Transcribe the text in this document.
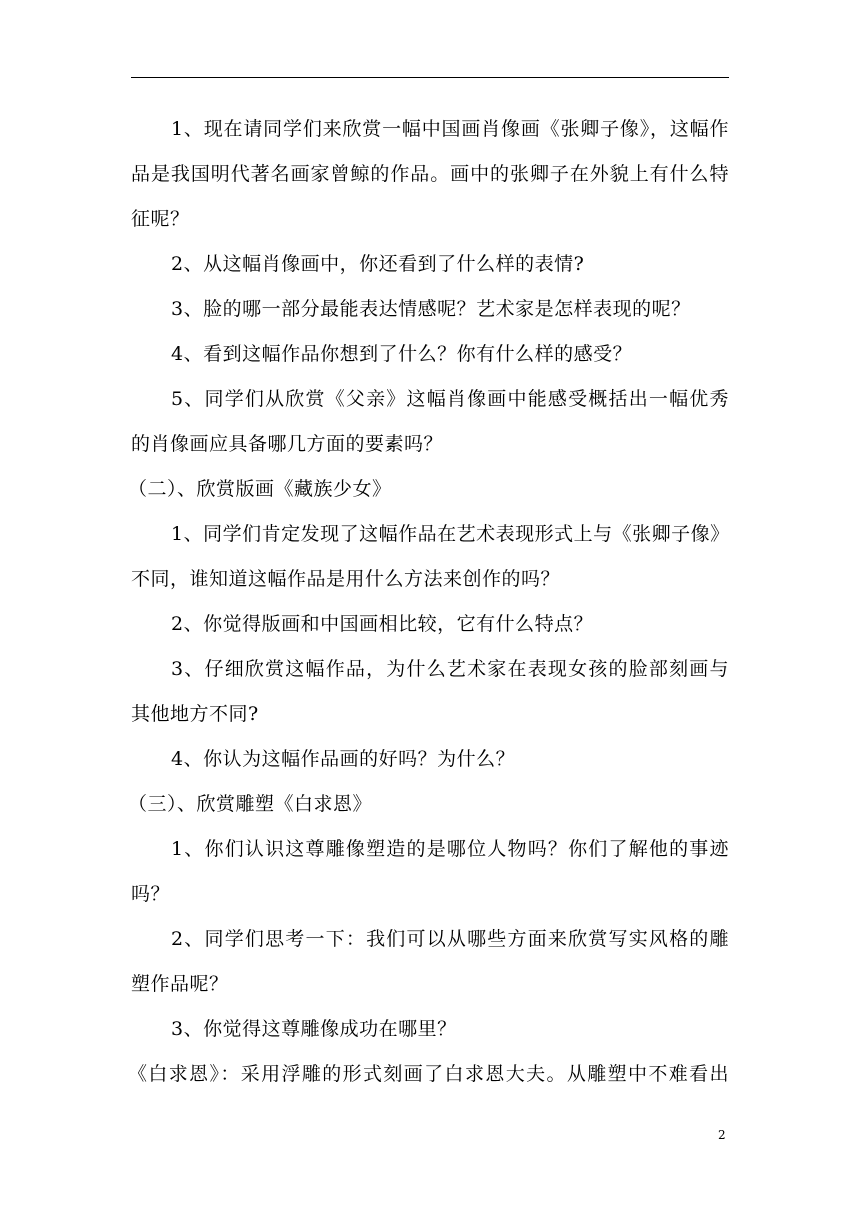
1、现在请同学们来欣赏一幅中国画肖像画《张卿子像》，这幅作
品是我国明代著名画家曾鲸的作品。画中的张卿子在外貌上有什么特
征呢？
2、从这幅肖像画中，你还看到了什么样的表情?
3、脸的哪一部分最能表达情感呢？艺术家是怎样表现的呢？
4、看到这幅作品你想到了什么？你有什么样的感受？
5、同学们从欣赏《父亲》这幅肖像画中能感受概括出一幅优秀
的肖像画应具备哪几方面的要素吗？
（二）、欣赏版画《藏族少女》
1、同学们肯定发现了这幅作品在艺术表现形式上与《张卿子像》
不同，谁知道这幅作品是用什么方法来创作的吗？
2、你觉得版画和中国画相比较，它有什么特点？
3、仔细欣赏这幅作品，为什么艺术家在表现女孩的脸部刻画与
其他地方不同?
4、你认为这幅作品画的好吗？为什么？
（三）、欣赏雕塑《白求恩》
1、你们认识这尊雕像塑造的是哪位人物吗？你们了解他的事迹
吗？
2、同学们思考一下：我们可以从哪些方面来欣赏写实风格的雕
塑作品呢？
3、你觉得这尊雕像成功在哪里？
《白求恩》：采用浮雕的形式刻画了白求恩大夫。从雕塑中不难看出
2
